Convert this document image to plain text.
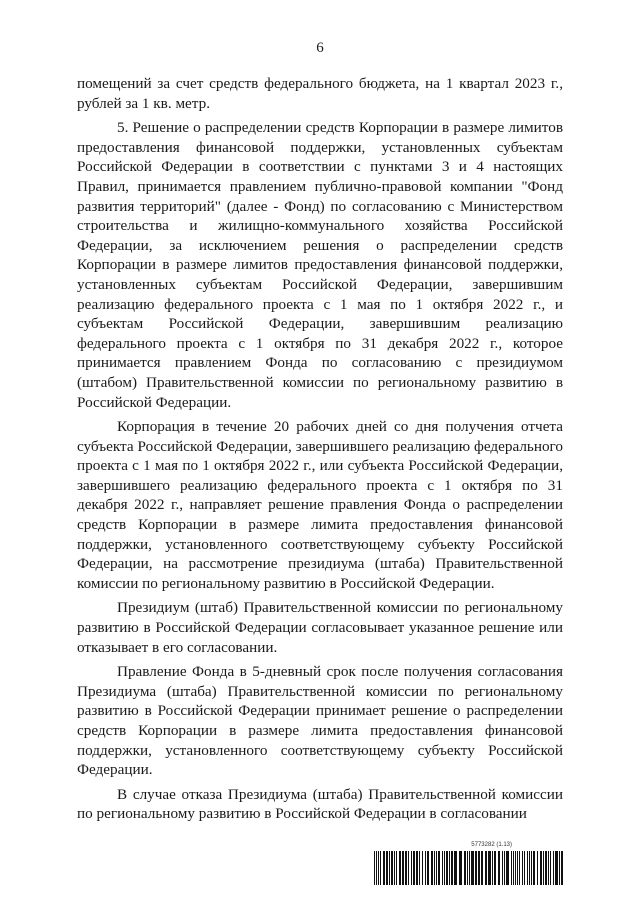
6

помещений за счет средств федерального бюджета, на 1 квартал 2023 г., рублей за 1 кв. метр.

5. Решение о распределении средств Корпорации в размере лимитов предоставления финансовой поддержки, установленных субъектам Российской Федерации в соответствии с пунктами 3 и 4 настоящих Правил, принимается правлением публично-правовой компании "Фонд развития территорий" (далее - Фонд) по согласованию с Министерством строительства и жилищно-коммунального хозяйства Российской Федерации, за исключением решения о распределении средств Корпорации в размере лимитов предоставления финансовой поддержки, установленных субъектам Российской Федерации, завершившим реализацию федерального проекта с 1 мая по 1 октября 2022 г., и субъектам Российской Федерации, завершившим реализацию федерального проекта с 1 октября по 31 декабря 2022 г., которое принимается правлением Фонда по согласованию с президиумом (штабом) Правительственной комиссии по региональному развитию в Российской Федерации.

Корпорация в течение 20 рабочих дней со дня получения отчета субъекта Российской Федерации, завершившего реализацию федерального проекта с 1 мая по 1 октября 2022 г., или субъекта Российской Федерации, завершившего реализацию федерального проекта с 1 октября по 31 декабря 2022 г., направляет решение правления Фонда о распределении средств Корпорации в размере лимита предоставления финансовой поддержки, установленного соответствующему субъекту Российской Федерации, на рассмотрение президиума (штаба) Правительственной комиссии по региональному развитию в Российской Федерации.

Президиум (штаб) Правительственной комиссии по региональному развитию в Российской Федерации согласовывает указанное решение или отказывает в его согласовании.

Правление Фонда в 5-дневный срок после получения согласования Президиума (штаба) Правительственной комиссии по региональному развитию в Российской Федерации принимает решение о распределении средств Корпорации в размере лимита предоставления финансовой поддержки, установленного соответствующему субъекту Российской Федерации.

В случае отказа Президиума (штаба) Правительственной комиссии по региональному развитию в Российской Федерации в согласовании

5773282 (1.13)
